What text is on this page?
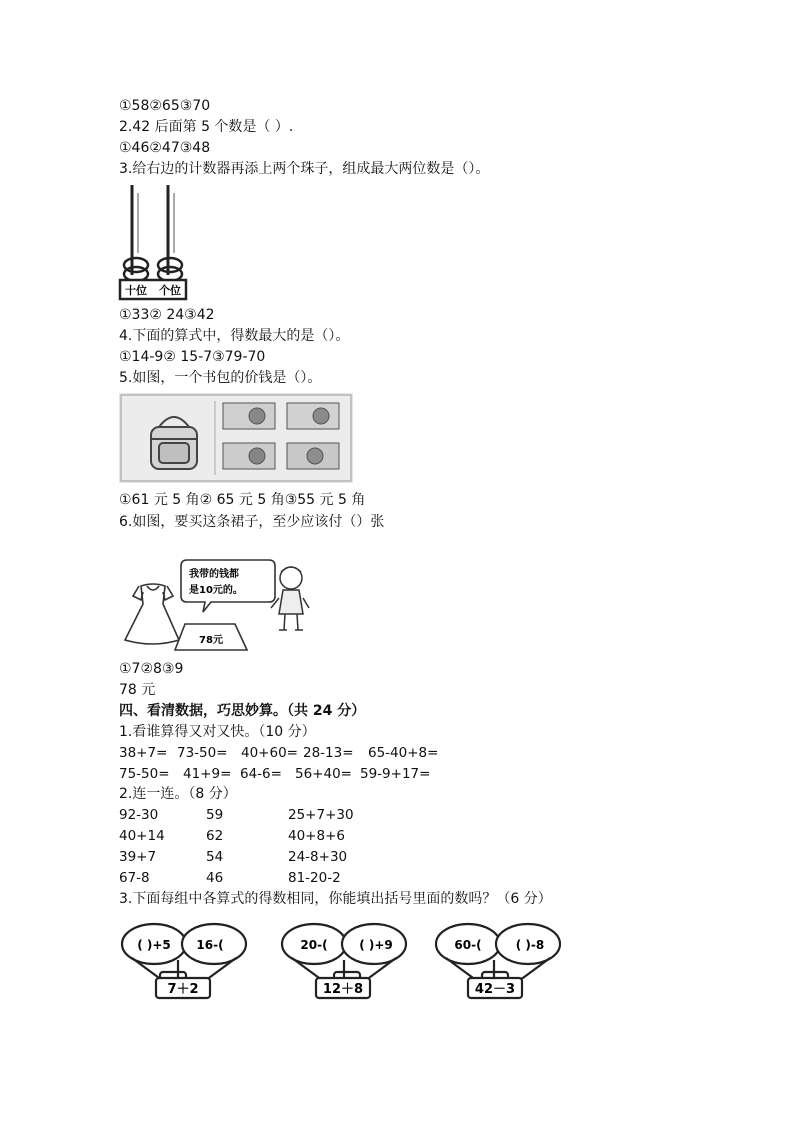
①58②65③70
2.42 后面第 5 个数是（ ）.
①46②47③48
3.给右边的计数器再添上两个珠子，组成最大两位数是（）。
十位 个位
①33② 24③42
4.下面的算式中，得数最大的是（）。
①14-9② 15-7③79-70
5.如图，一个书包的价钱是（）。
①61 元 5 角② 65 元 5 角③55 元 5 角
6.如图，要买这条裙子，至少应该付（）张
我带的钱都
是10元的。
78元
①7②8③9
78 元
四、看清数据，巧思妙算。（共 24 分）
1.看谁算得又对又快。（10 分）
38+7= 73-50= 40+60= 28-13= 65-40+8=
75-50= 41+9= 64-6= 56+40= 59-9+17=
2.连一连。（8 分）
92-30	59	25+7+30
40+14	62	40+8+6
39+7	54	24-8+30
67-8	46	81-20-2
3.下面每组中各算式的得数相同，你能填出括号里面的数吗？（6 分）
( )+5 16-(
7＋2
20-(	( )+9
12＋8
60-(	( )-8
42－3
